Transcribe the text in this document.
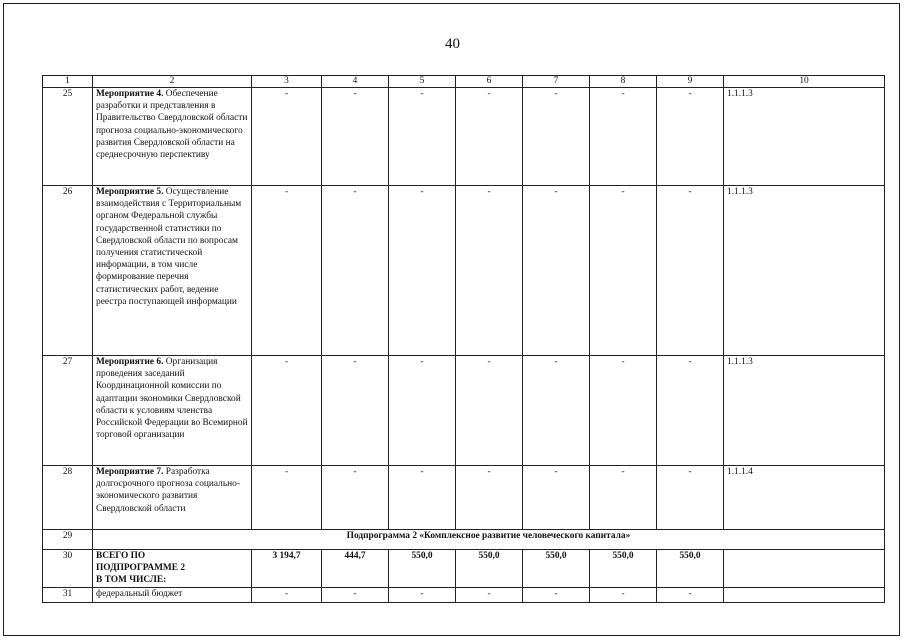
40
1	2	3	4	5	6	7	8	9	10
25	Мероприятие 4. Обеспечение разработки и представления в Правительство Свердловской области прогноза социально-экономического развития Свердловской области на среднесрочную перспективу	-	-	-	-	-	-	-	1.1.1.3
26	Мероприятие 5. Осуществление взаимодействия с Территориальным органом Федеральной службы государственной статистики по Свердловской области по вопросам получения статистической информации, в том числе формирование перечня статистических работ, ведение реестра поступающей информации	-	-	-	-	-	-	-	1.1.1.3
27	Мероприятие 6. Организация проведения заседаний Координационной комиссии по адаптации экономики Свердловской области к условиям членства Российской Федерации во Всемирной торговой организации	-	-	-	-	-	-	-	1.1.1.3
28	Мероприятие 7. Разработка долгосрочного прогноза социально-экономического развития Свердловской области	-	-	-	-	-	-	-	1.1.1.4
29	Подпрограмма 2 «Комплексное развитие человеческого капитала»								
30	ВСЕГО ПО
ПОДПРОГРАММЕ 2
В ТОМ ЧИСЛЕ:	3 194,7	444,7	550,0	550,0	550,0	550,0	550,0	
31	федеральный бюджет	-	-	-	-	-	-	-	
